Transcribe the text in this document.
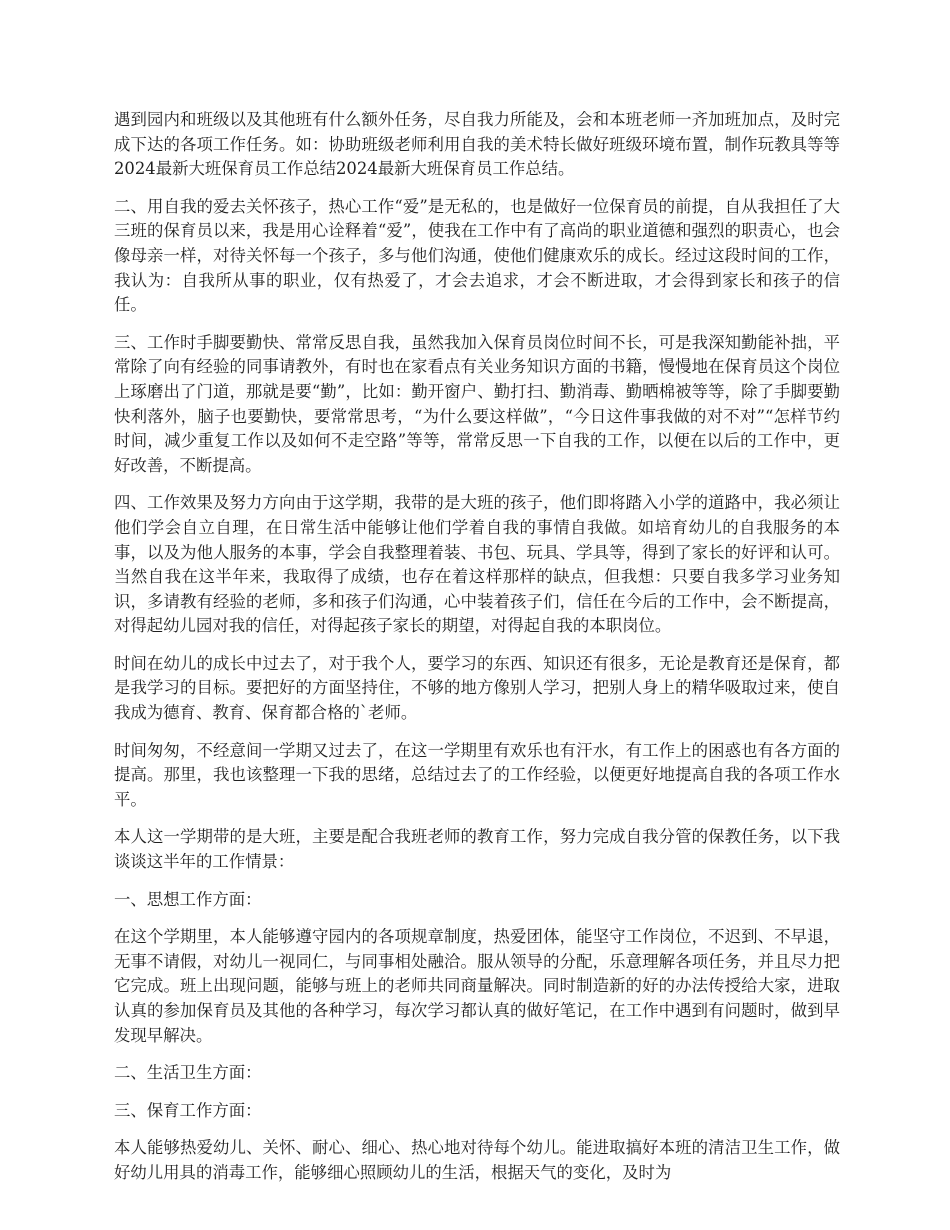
遇到园内和班级以及其他班有什么额外任务，尽自我力所能及，会和本班老师一齐加班加点，及时完成下达的各项工作任务。如：协助班级老师利用自我的美术特长做好班级环境布置，制作玩教具等等2024最新大班保育员工作总结2024最新大班保育员工作总结。

二、用自我的爱去关怀孩子，热心工作“爱”是无私的，也是做好一位保育员的前提，自从我担任了大三班的保育员以来，我是用心诠释着“爱”，使我在工作中有了高尚的职业道德和强烈的职责心，也会像母亲一样，对待关怀每一个孩子，多与他们沟通，使他们健康欢乐的成长。经过这段时间的工作，我认为：自我所从事的职业，仅有热爱了，才会去追求，才会不断进取，才会得到家长和孩子的信任。

三、工作时手脚要勤快、常常反思自我，虽然我加入保育员岗位时间不长，可是我深知勤能补拙，平常除了向有经验的同事请教外，有时也在家看点有关业务知识方面的书籍，慢慢地在保育员这个岗位上琢磨出了门道，那就是要“勤”，比如：勤开窗户、勤打扫、勤消毒、勤晒棉被等等，除了手脚要勤快利落外，脑子也要勤快，要常常思考，“为什么要这样做”，“今日这件事我做的对不对”“怎样节约时间，减少重复工作以及如何不走空路”等等，常常反思一下自我的工作，以便在以后的工作中，更好改善，不断提高。

四、工作效果及努力方向由于这学期，我带的是大班的孩子，他们即将踏入小学的道路中，我必须让他们学会自立自理，在日常生活中能够让他们学着自我的事情自我做。如培育幼儿的自我服务的本事，以及为他人服务的本事，学会自我整理着装、书包、玩具、学具等，得到了家长的好评和认可。当然自我在这半年来，我取得了成绩，也存在着这样那样的缺点，但我想：只要自我多学习业务知识，多请教有经验的老师，多和孩子们沟通，心中装着孩子们，信任在今后的工作中，会不断提高，对得起幼儿园对我的信任，对得起孩子家长的期望，对得起自我的本职岗位。

时间在幼儿的成长中过去了，对于我个人，要学习的东西、知识还有很多，无论是教育还是保育，都是我学习的目标。要把好的方面坚持住，不够的地方像别人学习，把别人身上的精华吸取过来，使自我成为德育、教育、保育都合格的`老师。

时间匆匆，不经意间一学期又过去了，在这一学期里有欢乐也有汗水，有工作上的困惑也有各方面的提高。那里，我也该整理一下我的思绪，总结过去了的工作经验，以便更好地提高自我的各项工作水平。

本人这一学期带的是大班，主要是配合我班老师的教育工作，努力完成自我分管的保教任务，以下我谈谈这半年的工作情景：

一、思想工作方面：

在这个学期里，本人能够遵守园内的各项规章制度，热爱团体，能坚守工作岗位，不迟到、不早退，无事不请假，对幼儿一视同仁，与同事相处融洽。服从领导的分配，乐意理解各项任务，并且尽力把它完成。班上出现问题，能够与班上的老师共同商量解决。同时制造新的好的办法传授给大家，进取认真的参加保育员及其他的各种学习，每次学习都认真的做好笔记，在工作中遇到有问题时，做到早发现早解决。

二、生活卫生方面：

三、保育工作方面：

本人能够热爱幼儿、关怀、耐心、细心、热心地对待每个幼儿。能进取搞好本班的清洁卫生工作，做好幼儿用具的消毒工作，能够细心照顾幼儿的生活，根据天气的变化，及时为
